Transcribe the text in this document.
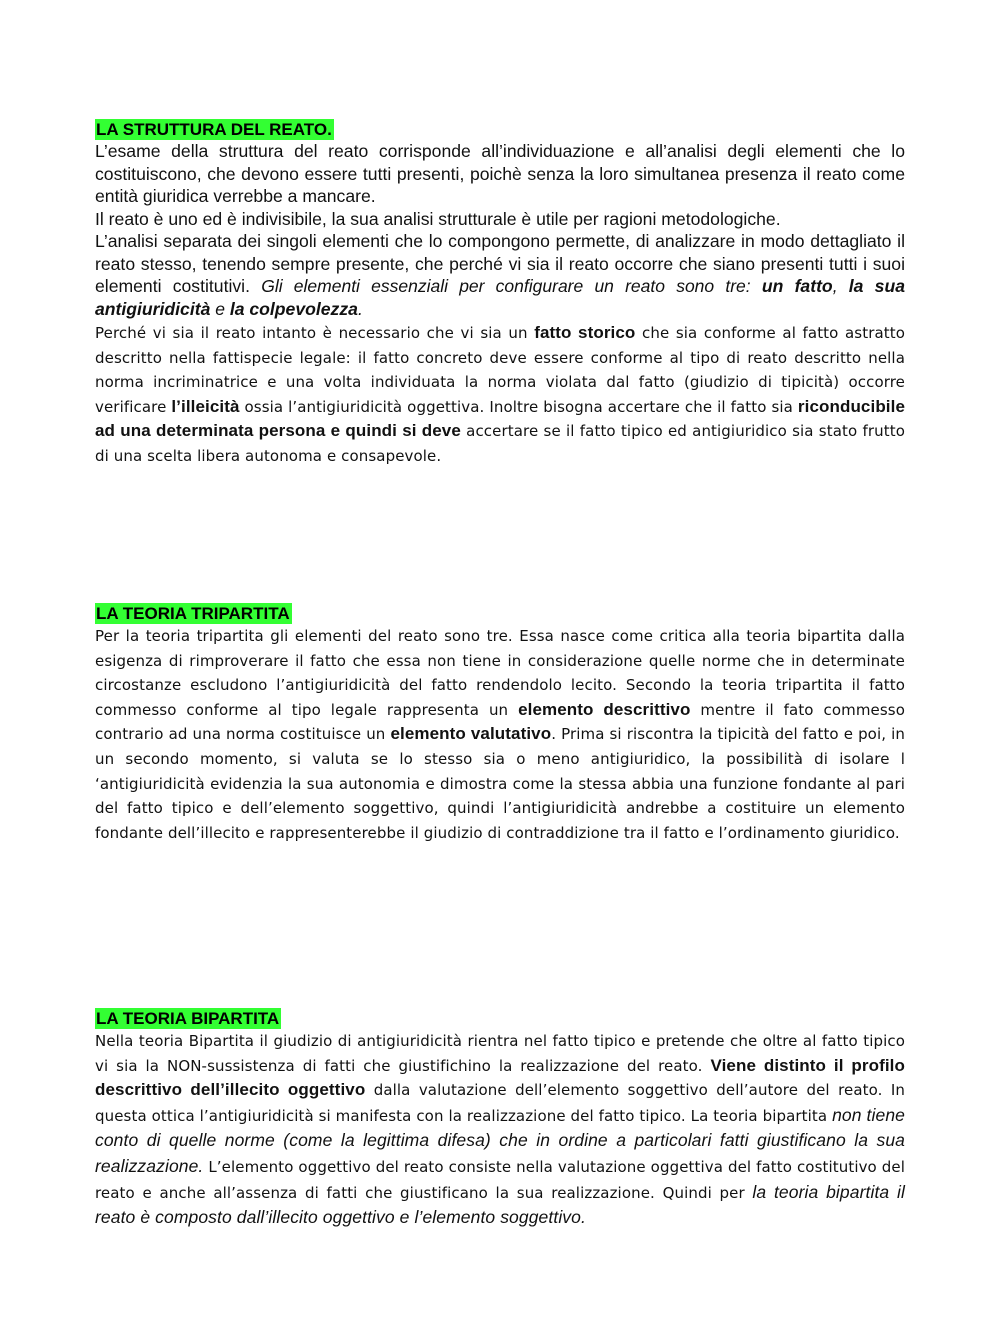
LA STRUTTURA DEL REATO.

L’esame della struttura del reato corrisponde all’individuazione e all’analisi degli elementi che lo costituiscono, che devono essere tutti presenti, poichè senza la loro simultanea presenza il reato come entità giuridica verrebbe a mancare.

Il reato è uno ed è indivisibile, la sua analisi strutturale è utile per ragioni metodologiche.

L’analisi separata dei singoli elementi che lo compongono permette, di analizzare in modo dettagliato il reato stesso, tenendo sempre presente, che perché vi sia il reato occorre che siano presenti tutti i suoi elementi costitutivi. Gli elementi essenziali per configurare un reato sono tre: un fatto, la sua antigiuridicità e la colpevolezza.

Perché vi sia il reato intanto è necessario che vi sia un fatto storico che sia conforme al fatto astratto descritto nella fattispecie legale: il fatto concreto deve essere conforme al tipo di reato descritto nella norma incriminatrice e una volta individuata la norma violata dal fatto (giudizio di tipicità) occorre verificare l’illeicità ossia l’antigiuridicità oggettiva. Inoltre bisogna accertare che il fatto sia riconducibile ad una determinata persona e quindi si deve accertare se il fatto tipico ed antigiuridico sia stato frutto di una scelta libera autonoma e consapevole.

LA TEORIA TRIPARTITA

Per la teoria tripartita gli elementi del reato sono tre. Essa nasce come critica alla teoria bipartita dalla esigenza di rimproverare il fatto che essa non tiene in considerazione quelle norme che in determinate circostanze escludono l’antigiuridicità del fatto rendendolo lecito. Secondo la teoria tripartita il fatto commesso conforme al tipo legale rappresenta un elemento descrittivo mentre il fato commesso contrario ad una norma costituisce un elemento valutativo. Prima si riscontra la tipicità del fatto e poi, in un secondo momento, si valuta se lo stesso sia o meno antigiuridico, la possibilità di isolare l ‘antigiuridicità evidenzia la sua autonomia e dimostra come la stessa abbia una funzione fondante al pari del fatto tipico e dell’elemento soggettivo, quindi l’antigiuridicità andrebbe a costituire un elemento fondante dell’illecito e rappresenterebbe il giudizio di contraddizione tra il fatto e l’ordinamento giuridico.

LA TEORIA BIPARTITA

Nella teoria Bipartita il giudizio di antigiuridicità rientra nel fatto tipico e pretende che oltre al fatto tipico vi sia la NON-sussistenza di fatti che giustifichino la realizzazione del reato. Viene distinto il profilo descrittivo dell’illecito oggettivo dalla valutazione dell’elemento soggettivo dell’autore del reato. In questa ottica l’antigiuridicità si manifesta con la realizzazione del fatto tipico. La teoria bipartita non tiene conto di quelle norme (come la legittima difesa) che in ordine a particolari fatti giustificano la sua realizzazione. L’elemento oggettivo del reato consiste nella valutazione oggettiva del fatto costitutivo del reato e anche all’assenza di fatti che giustificano la sua realizzazione. Quindi per la teoria bipartita il reato è composto dall’illecito oggettivo e l’elemento soggettivo.
